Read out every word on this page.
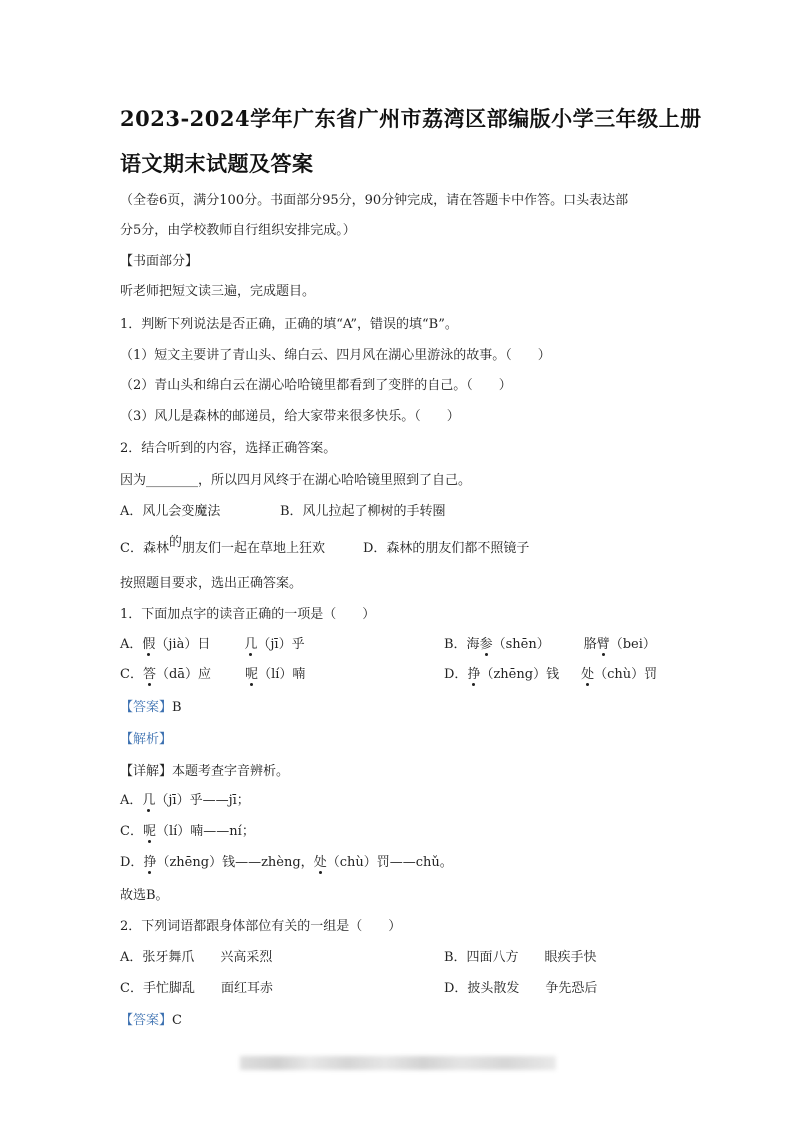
2023-2024学年广东省广州市荔湾区部编版小学三年级上册
语文期末试题及答案
（全卷6页，满分100分。书面部分95分，90分钟完成，请在答题卡中作答。口头表达部
分5分，由学校教师自行组织安排完成。）
【书面部分】
听老师把短文读三遍，完成题目。
1．判断下列说法是否正确，正确的填“A”，错误的填“B”。
（1）短文主要讲了青山头、绵白云、四月风在湖心里游泳的故事。（　　）
（2）青山头和绵白云在湖心哈哈镜里都看到了变胖的自己。（　　）
（3）风儿是森林的邮递员，给大家带来很多快乐。（　　）
2．结合听到的内容，选择正确答案。
因为________，所以四月风终于在湖心哈哈镜里照到了自己。
A．风儿会变魔法	B．风儿拉起了柳树的手转圈
C．森林的朋友们一起在草地上狂欢	D．森林的朋友们都不照镜子
按照题目要求，选出正确答案。
1．下面加点字的读音正确的一项是（　　）
A．假（jià）日	几（jī）乎	B．海参（shēn）	胳臂（bei）
C．答（dā）应	呢（lí）喃	D．挣（zhēng）钱 处（chù）罚
【答案】B
【解析】
【详解】本题考查字音辨析。
A．几（jī）乎——jī；
C．呢（lí）喃——ní；
D．挣（zhēng）钱——zhèng，处（chù）罚——chǔ。
故选B。
2．下列词语都跟身体部位有关的一组是（　　）
A．张牙舞爪　　兴高采烈	B．四面八方　　眼疾手快
C．手忙脚乱　　面红耳赤	D．披头散发　　争先恐后
【答案】C
